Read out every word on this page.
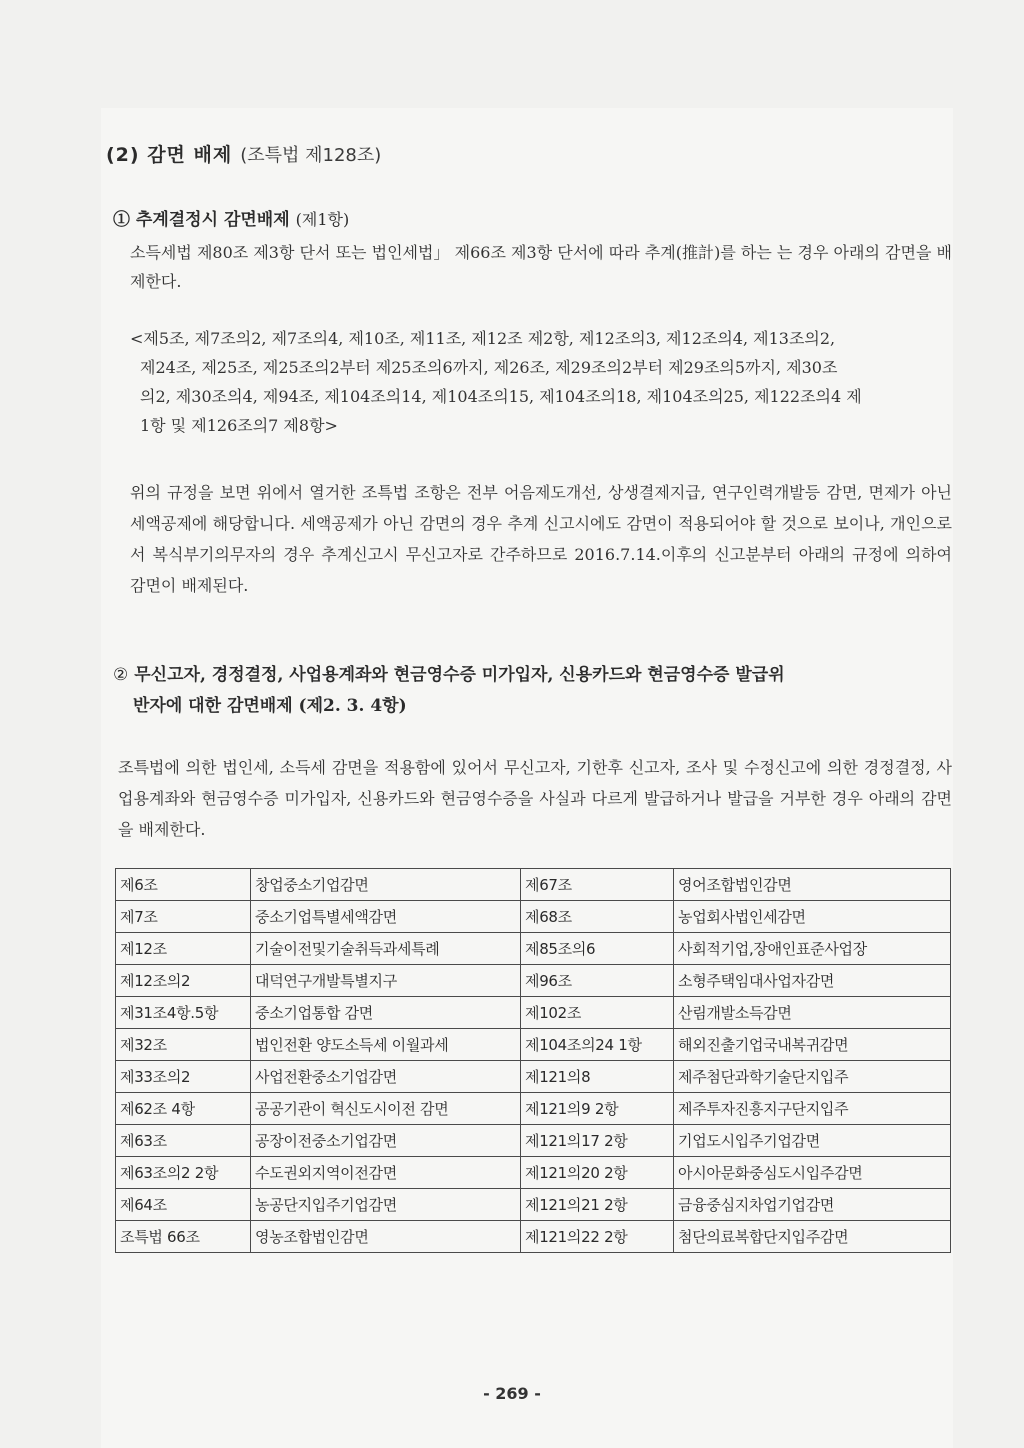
(2) 감면 배제 (조특법 제128조)
① 추계결정시 감면배제 (제1항)
소득세법 제80조 제3항 단서 또는 법인세법」 제66조 제3항 단서에 따라 추계(推計)를 하는 는 경우 아래의 감면을 배제한다.
<제5조, 제7조의2, 제7조의4, 제10조, 제11조, 제12조 제2항, 제12조의3, 제12조의4, 제13조의2,
제24조, 제25조, 제25조의2부터 제25조의6까지, 제26조, 제29조의2부터 제29조의5까지, 제30조
의2, 제30조의4, 제94조, 제104조의14, 제104조의15, 제104조의18, 제104조의25, 제122조의4 제
1항 및 제126조의7 제8항>
위의 규정을 보면 위에서 열거한 조특법 조항은 전부 어음제도개선, 상생결제지급, 연구인력개발등 감면, 면제가 아닌 세액공제에 해당합니다. 세액공제가 아닌 감면의 경우 추계 신고시에도 감면이 적용되어야 할 것으로 보이나, 개인으로서 복식부기의무자의 경우 추계신고시 무신고자로 간주하므로 2016.7.14.이후의 신고분부터 아래의 규정에 의하여 감면이 배제된다.
② 무신고자, 경정결정, 사업용계좌와 현금영수증 미가입자, 신용카드와 현금영수증 발급위
반자에 대한 감면배제 (제2. 3. 4항)
조특법에 의한 법인세, 소득세 감면을 적용함에 있어서 무신고자, 기한후 신고자, 조사 및 수정신고에 의한 경정결정, 사업용계좌와 현금영수증 미가입자, 신용카드와 현금영수증을 사실과 다르게 발급하거나 발급을 거부한 경우 아래의 감면을 배제한다.
제6조	창업중소기업감면	제67조	영어조합법인감면
제7조	중소기업특별세액감면	제68조	농업회사법인세감면
제12조	기술이전및기술취득과세특례	제85조의6	사회적기업,장애인표준사업장
제12조의2	대덕연구개발특별지구	제96조	소형주택임대사업자감면
제31조4항.5항	중소기업통합 감면	제102조	산림개발소득감면
제32조	법인전환 양도소득세 이월과세	제104조의24 1항	해외진출기업국내복귀감면
제33조의2	사업전환중소기업감면	제121의8	제주첨단과학기술단지입주
제62조 4항	공공기관이 혁신도시이전 감면	제121의9 2항	제주투자진흥지구단지입주
제63조	공장이전중소기업감면	제121의17 2항	기업도시입주기업감면
제63조의2 2항	수도권외지역이전감면	제121의20 2항	아시아문화중심도시입주감면
제64조	농공단지입주기업감면	제121의21 2항	금융중심지차업기업감면
조특법 66조	영농조합법인감면	제121의22 2항	첨단의료복합단지입주감면
- 269 -
